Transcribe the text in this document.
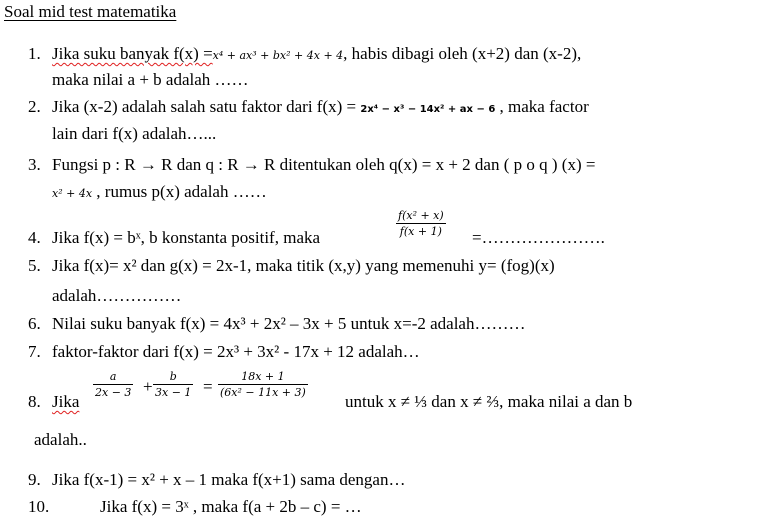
Soal mid test matematika
1. Jika suku banyak f(x) =x⁴ + ax³ + bx² + 4x + 4, habis dibagi oleh (x+2) dan (x-2),
maka nilai a + b adalah ……
2. Jika (x-2) adalah salah satu faktor dari f(x) = 2x⁴ − x³ − 14x² + ax − 6 , maka factor
lain dari f(x) adalah…...
3. Fungsi p : R → R dan q : R → R ditentukan oleh q(x) = x + 2 dan ( p o q ) (x) =
x² + 4x , rumus p(x) adalah ……
4. Jika f(x) = bˣ, b konstanta positif, maka
f(x² + x)
f(x + 1) =………………….
5. Jika f(x)= x² dan g(x) = 2x-1, maka titik (x,y) yang memenuhi y= (fog)(x)
adalah……………
6. Nilai suku banyak f(x) = 4x³ + 2x² – 3x + 5 untuk x=-2 adalah………
7. faktor-faktor dari f(x) = 2x³ + 3x² - 17x + 12 adalah…
8. Jika
a
2x − 3 +
b
3x − 1 =
18x + 1
(6x² − 11x + 3) untuk x ≠ ⅓ dan x ≠ ⅔, maka nilai a dan b
adalah..
9. Jika f(x-1) = x² + x – 1 maka f(x+1) sama dengan…
10.	Jika f(x) = 3ˣ , maka f(a + 2b – c) = …
